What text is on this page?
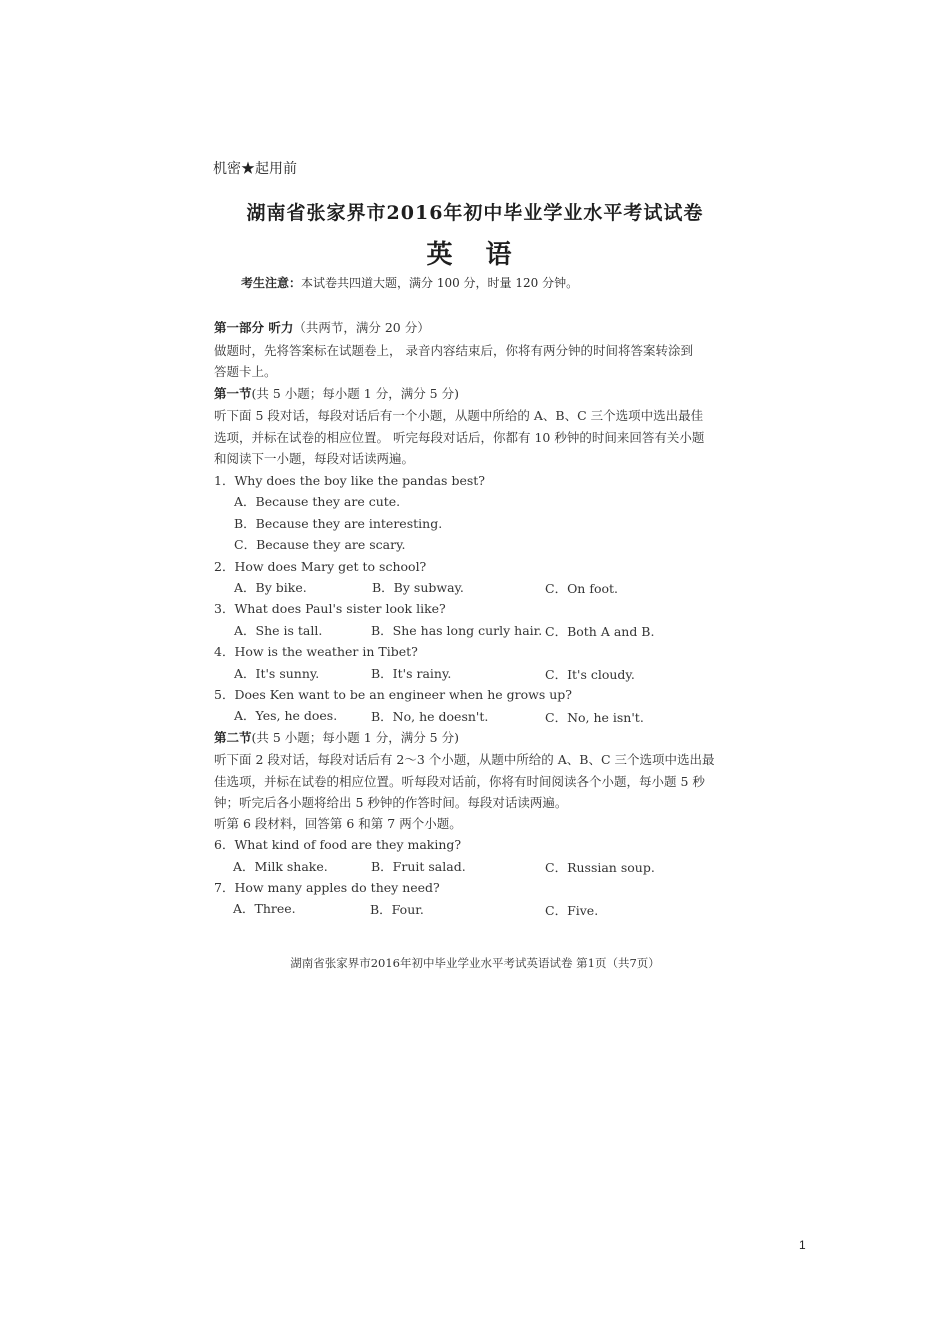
机密★起用前
湖南省张家界市2016年初中毕业学业水平考试试卷
英 语
考生注意：本试卷共四道大题，满分 100 分，时量 120 分钟。
第一部分 听力（共两节，满分 20 分）
做题时，先将答案标在试题卷上， 录音内容结束后，你将有两分钟的时间将答案转涂到
答题卡上。
第一节(共 5 小题；每小题 1 分，满分 5 分)
听下面 5 段对话，每段对话后有一个小题，从题中所给的 A、B、C 三个选项中选出最佳
选项，并标在试卷的相应位置。 听完每段对话后，你都有 10 秒钟的时间来回答有关小题
和阅读下一小题，每段对话读两遍。
1．Why does the boy like the pandas best?
A．Because they are cute.
B．Because they are interesting.
C．Because they are scary.
2．How does Mary get to school?
A．By bike.	B．By subway.	C．On foot.
3．What does Paul's sister look like?
A．She is tall.	B．She has long curly hair. C．Both A and B.
4．How is the weather in Tibet?
A．It's sunny.	B．It's rainy.	C．It's cloudy.
5．Does Ken want to be an engineer when he grows up?
A．Yes, he does.	B．No, he doesn't.	C．No, he isn't.
第二节(共 5 小题；每小题 1 分，满分 5 分)
听下面 2 段对话，每段对话后有 2～3 个小题，从题中所给的 A、B、C 三个选项中选出最
佳选项，并标在试卷的相应位置。听每段对话前，你将有时间阅读各个小题，每小题 5 秒
钟；听完后各小题将给出 5 秒钟的作答时间。每段对话读两遍。
听第 6 段材料，回答第 6 和第 7 两个小题。
6．What kind of food are they making?
A．Milk shake.	B．Fruit salad.	C．Russian soup.
7．How many apples do they need?
A．Three.	B．Four.	C．Five.
湖南省张家界市2016年初中毕业学业水平考试英语试卷 第1页（共7页）
1
